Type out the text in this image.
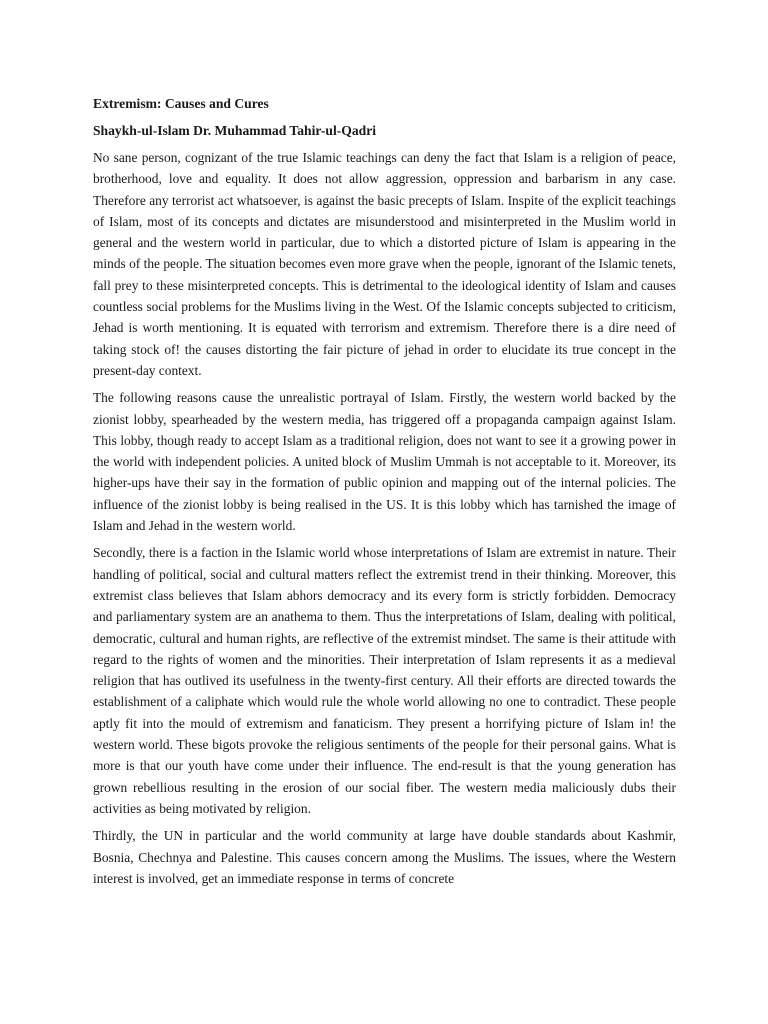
Extremism: Causes and Cures
Shaykh-ul-Islam Dr. Muhammad Tahir-ul-Qadri

No sane person, cognizant of the true Islamic teachings can deny the fact that Islam is a religion of peace, brotherhood, love and equality. It does not allow aggression, oppression and barbarism in any case. Therefore any terrorist act whatsoever, is against the basic precepts of Islam. Inspite of the explicit teachings of Islam, most of its concepts and dictates are misunderstood and misinterpreted in the Muslim world in general and the western world in particular, due to which a distorted picture of Islam is appearing in the minds of the people. The situation becomes even more grave when the people, ignorant of the Islamic tenets, fall prey to these misinterpreted concepts. This is detrimental to the ideological identity of Islam and causes countless social problems for the Muslims living in the West. Of the Islamic concepts subjected to criticism, Jehad is worth mentioning. It is equated with terrorism and extremism. Therefore there is a dire need of taking stock of! the causes distorting the fair picture of jehad in order to elucidate its true concept in the present-day context.

The following reasons cause the unrealistic portrayal of Islam. Firstly, the western world backed by the zionist lobby, spearheaded by the western media, has triggered off a propaganda campaign against Islam. This lobby, though ready to accept Islam as a traditional religion, does not want to see it a growing power in the world with independent policies. A united block of Muslim Ummah is not acceptable to it. Moreover, its higher-ups have their say in the formation of public opinion and mapping out of the internal policies. The influence of the zionist lobby is being realised in the US. It is this lobby which has tarnished the image of Islam and Jehad in the western world.

Secondly, there is a faction in the Islamic world whose interpretations of Islam are extremist in nature. Their handling of political, social and cultural matters reflect the extremist trend in their thinking. Moreover, this extremist class believes that Islam abhors democracy and its every form is strictly forbidden. Democracy and parliamentary system are an anathema to them. Thus the interpretations of Islam, dealing with political, democratic, cultural and human rights, are reflective of the extremist mindset. The same is their attitude with regard to the rights of women and the minorities. Their interpretation of Islam represents it as a medieval religion that has outlived its usefulness in the twenty-first century. All their efforts are directed towards the establishment of a caliphate which would rule the whole world allowing no one to contradict. These people aptly fit into the mould of extremism and fanaticism. They present a horrifying picture of Islam in! the western world. These bigots provoke the religious sentiments of the people for their personal gains. What is more is that our youth have come under their influence. The end-result is that the young generation has grown rebellious resulting in the erosion of our social fiber. The western media maliciously dubs their activities as being motivated by religion.

Thirdly, the UN in particular and the world community at large have double standards about Kashmir, Bosnia, Chechnya and Palestine. This causes concern among the Muslims. The issues, where the Western interest is involved, get an immediate response in terms of concrete
